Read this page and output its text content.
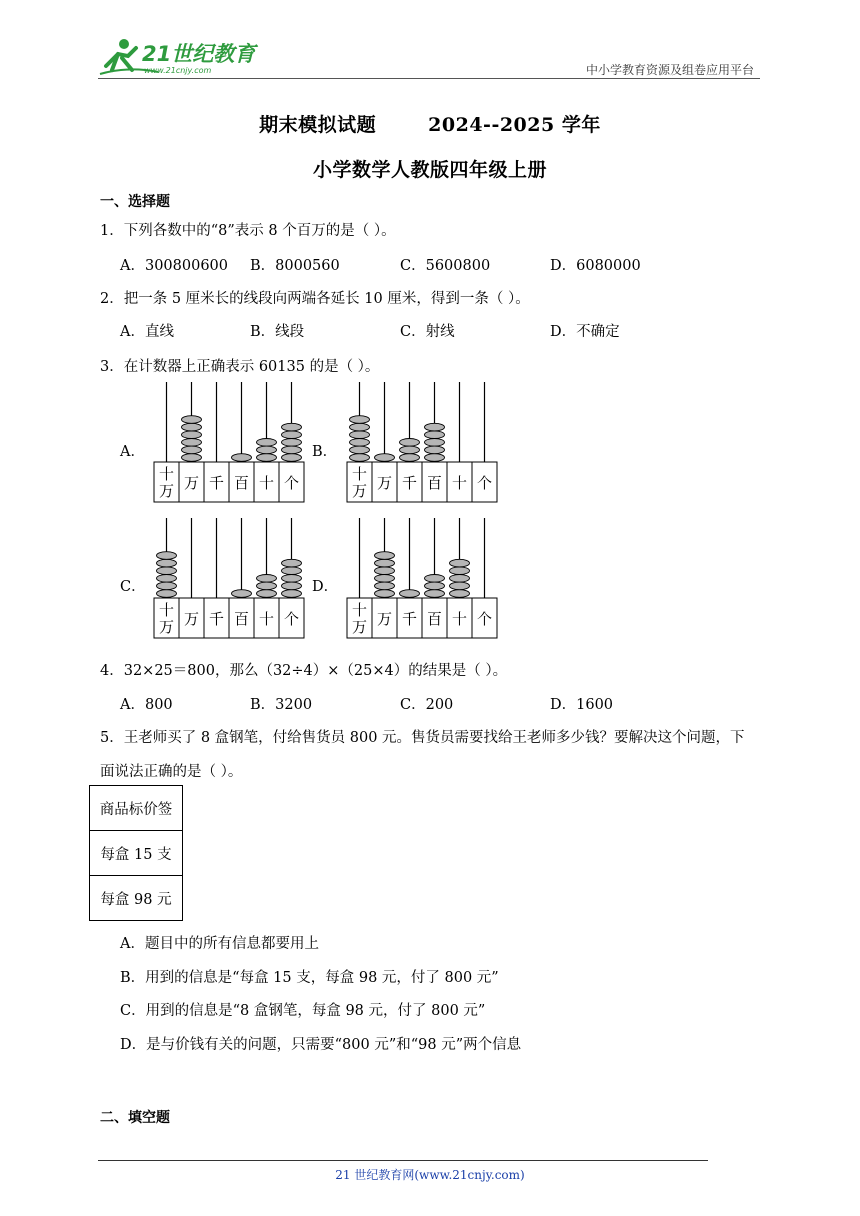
21世纪教育
www.21cnjy.com	中小学教育资源及组卷应用平台
期末模拟试题	2024--2025 学年
小学数学人教版四年级上册
一、选择题
1．下列各数中的“8”表示 8 个百万的是（ ）。
A．300800600 B．8000560	C．5600800	D．6080000
2．把一条 5 厘米长的线段向两端各延长 10 厘米，得到一条（ ）。
A．直线	B．线段	C．射线	D．不确定
3．在计数器上正确表示 60135 的是（ ）。
A．	B．
C．	D．
十
万 万 千 百 十 个	十
万 万 千 百 十 个
十
万 万 千 百 十 个	十
万 万 千 百 十 个
4．32×25＝800，那么（32÷4）×（25×4）的结果是（ ）。
A．800	B．3200	C．200	D．1600
5．王老师买了 8 盒钢笔，付给售货员 800 元。售货员需要找给王老师多少钱？要解决这个问题，下
面说法正确的是（ ）。
商品标价签
每盒 15 支
每盒 98 元
A．题目中的所有信息都要用上
B．用到的信息是“每盒 15 支，每盒 98 元，付了 800 元”
C．用到的信息是“8 盒钢笔，每盒 98 元，付了 800 元”
D．是与价钱有关的问题，只需要“800 元”和“98 元”两个信息
二、填空题
21 世纪教育网(www.21cnjy.com)
